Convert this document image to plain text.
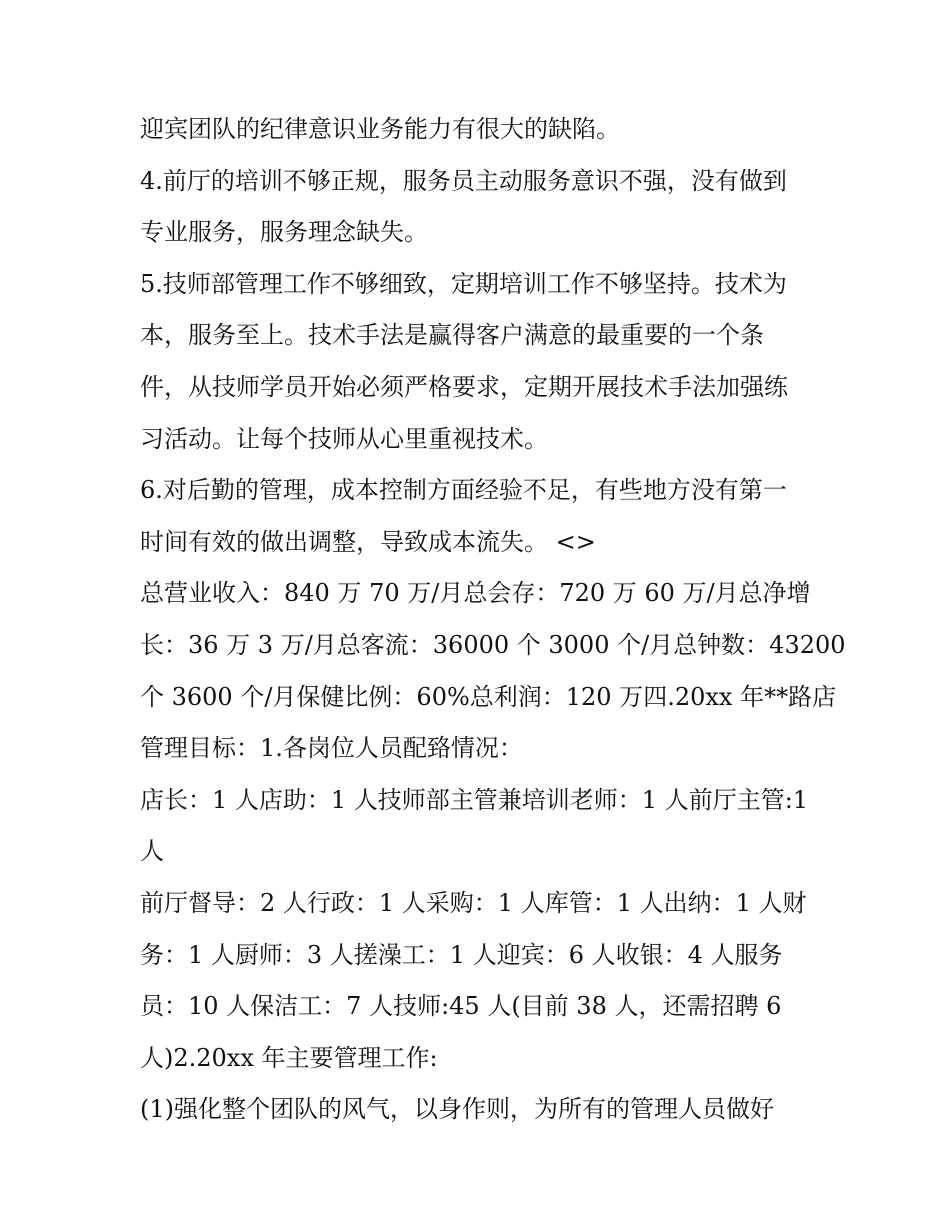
迎宾团队的纪律意识业务能力有很大的缺陷。

4.前厅的培训不够正规，服务员主动服务意识不强，没有做到

专业服务，服务理念缺失。

5.技师部管理工作不够细致，定期培训工作不够坚持。技术为

本，服务至上。技术手法是赢得客户满意的最重要的一个条

件，从技师学员开始必须严格要求，定期开展技术手法加强练

习活动。让每个技师从心里重视技术。

6.对后勤的管理，成本控制方面经验不足，有些地方没有第一

时间有效的做出调整，导致成本流失。 <>

总营业收入：840 万 70 万/月总会存：720 万 60 万/月总净增

长：36 万 3 万/月总客流：36000 个 3000 个/月总钟数：43200

个 3600 个/月保健比例：60%总利润：120 万四.20xx 年**路店

管理目标：1.各岗位人员配臵情况：

店长：1 人店助：1 人技师部主管兼培训老师：1 人前厅主管:1

人

前厅督导：2 人行政：1 人采购：1 人库管：1 人出纳：1 人财

务：1 人厨师：3 人搓澡工：1 人迎宾：6 人收银：4 人服务

员：10 人保洁工：7 人技师:45 人(目前 38 人，还需招聘 6

人)2.20xx 年主要管理工作:

(1)强化整个团队的风气，以身作则，为所有的管理人员做好
